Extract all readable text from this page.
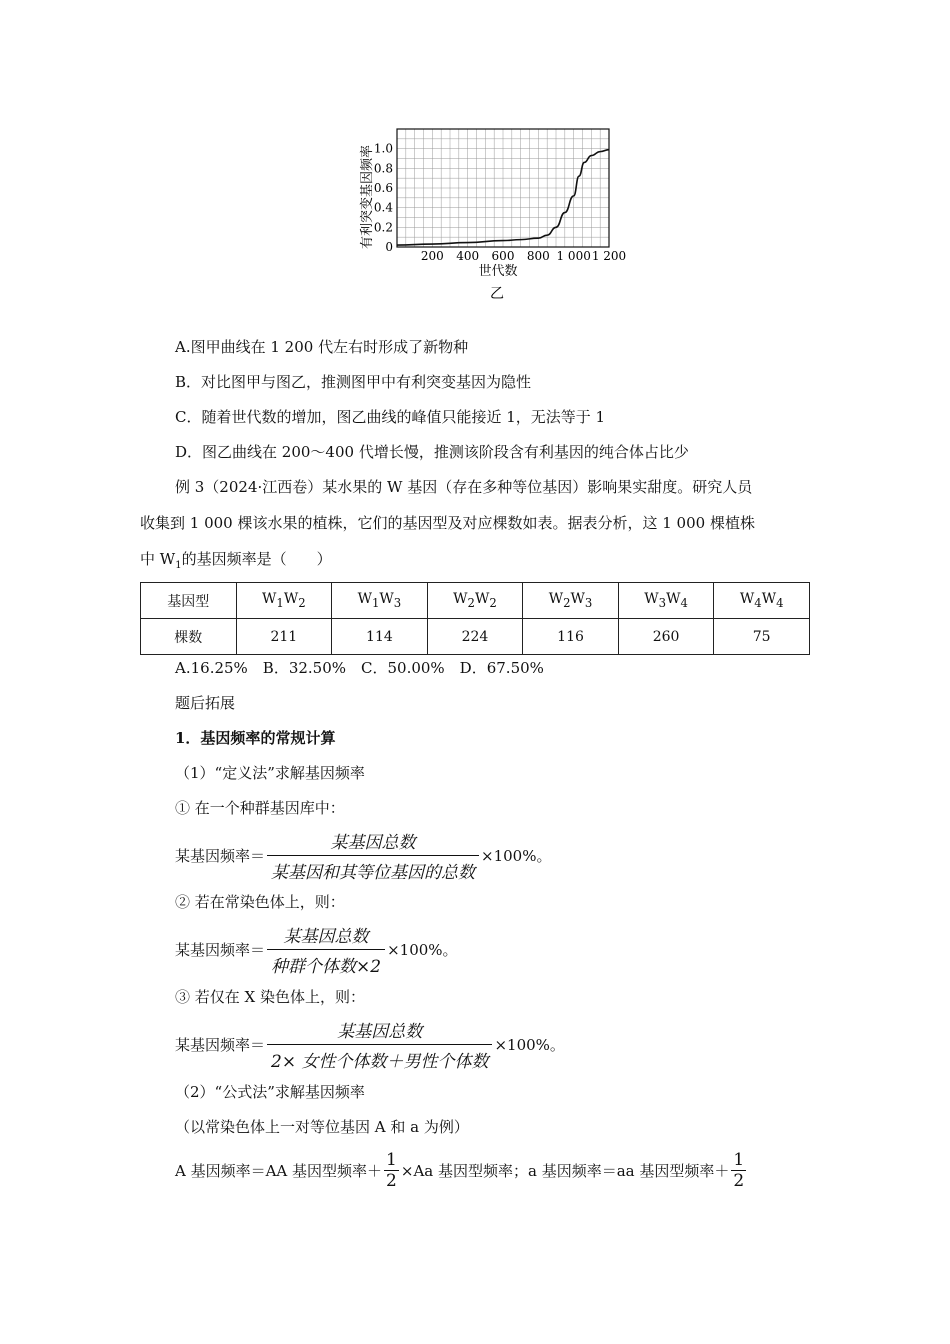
0
0.2
0.4
0.6
0.8
1.0
200 400 600 800 1 000 1 200
有利突变基因频率
世代数
乙
A.图甲曲线在 1 200 代左右时形成了新物种
B．对比图甲与图乙，推测图甲中有利突变基因为隐性
C．随着世代数的增加，图乙曲线的峰值只能接近 1，无法等于 1
D．图乙曲线在 200～400 代增长慢，推测该阶段含有利基因的纯合体占比少
例 3（2024·江西卷）某水果的 W 基因（存在多种等位基因）影响果实甜度。研究人员
收集到 1 000 棵该水果的植株，它们的基因型及对应棵数如表。据表分析，这 1 000 棵植株
中 $W_1$的基因频率是（　　）
基因型	$W_1W_2$	$W_1W_3$	$W_2W_2$	$W_2W_3$	$W_3W_4$	$W_4W_4$
棵数	211	114	224	116	260	75
A.16.25%　B．32.50%　C．50.00%　D．67.50%
题后拓展
1．基因频率的常规计算
（1）“定义法”求解基因频率
① 在一个种群基因库中：
某基因频率＝ $\frac{\text{某基因总数}}{\text{某基因和其等位基因的总数}} \times 100\%$。
② 若在常染色体上，则：
某基因频率＝ $\frac{\text{某基因总数}}{\text{种群个体数×2}} \times 100\%$。
③ 若仅在 X 染色体上，则：
某基因频率＝ $\frac{\text{某基因总数}}{\text{2× 女性个体数＋男性个体数}} \times 100\%$。
（2）“公式法”求解基因频率
（以常染色体上一对等位基因 A 和 a 为例）
A 基因频率＝AA 基因型频率＋ $\frac{1}{2} \times Aa$ 基因型频率；a 基因频率＝aa 基因型频率＋
1
2
